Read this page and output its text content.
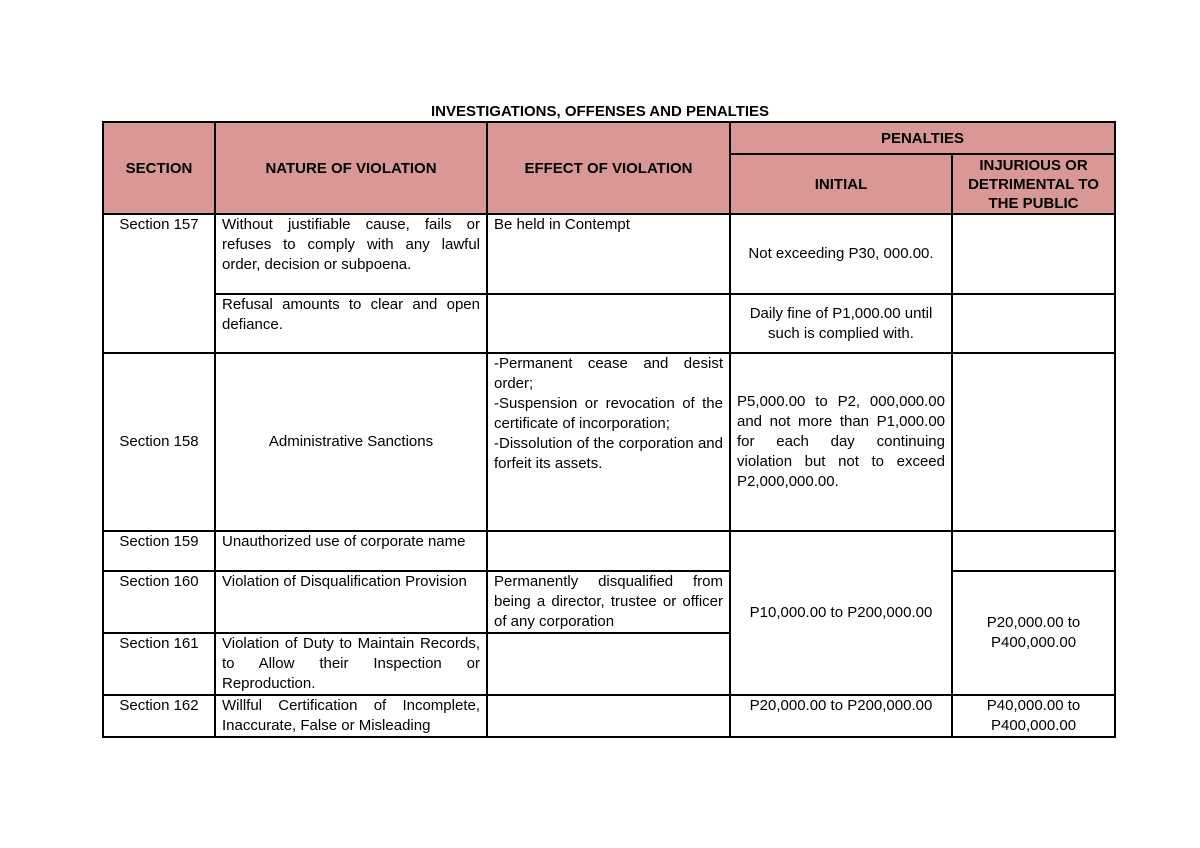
INVESTIGATIONS, OFFENSES AND PENALTIES
SECTION	NATURE OF VIOLATION	EFFECT OF VIOLATION	PENALTIES	
			INITIAL	INJURIOUS OR DETRIMENTAL TO THE PUBLIC
Section 157	Without justifiable cause, fails or refuses to comply with any lawful order, decision or subpoena.	Be held in Contempt	Not exceeding P30, 000.00.	
	Refusal amounts to clear and open defiance.		Daily fine of P1,000.00 until such is complied with.	
Section 158	Administrative Sanctions	-Permanent cease and desist order;
-Suspension or revocation of the certificate of incorporation;
-Dissolution of the corporation and forfeit its assets.	P5,000.00 to P2, 000,000.00 and not more than P1,000.00 for each day continuing violation but not to exceed P2,000,000.00.	
Section 159	Unauthorized use of corporate name		P10,000.00 to P200,000.00	
Section 160	Violation of Disqualification Provision	Permanently disqualified from being a director, trustee or officer of any corporation		P20,000.00 to P400,000.00
Section 161	Violation of Duty to Maintain Records, to Allow their Inspection or Reproduction.			
Section 162	Willful Certification of Incomplete, Inaccurate, False or Misleading		P20,000.00 to P200,000.00	P40,000.00 to P400,000.00
